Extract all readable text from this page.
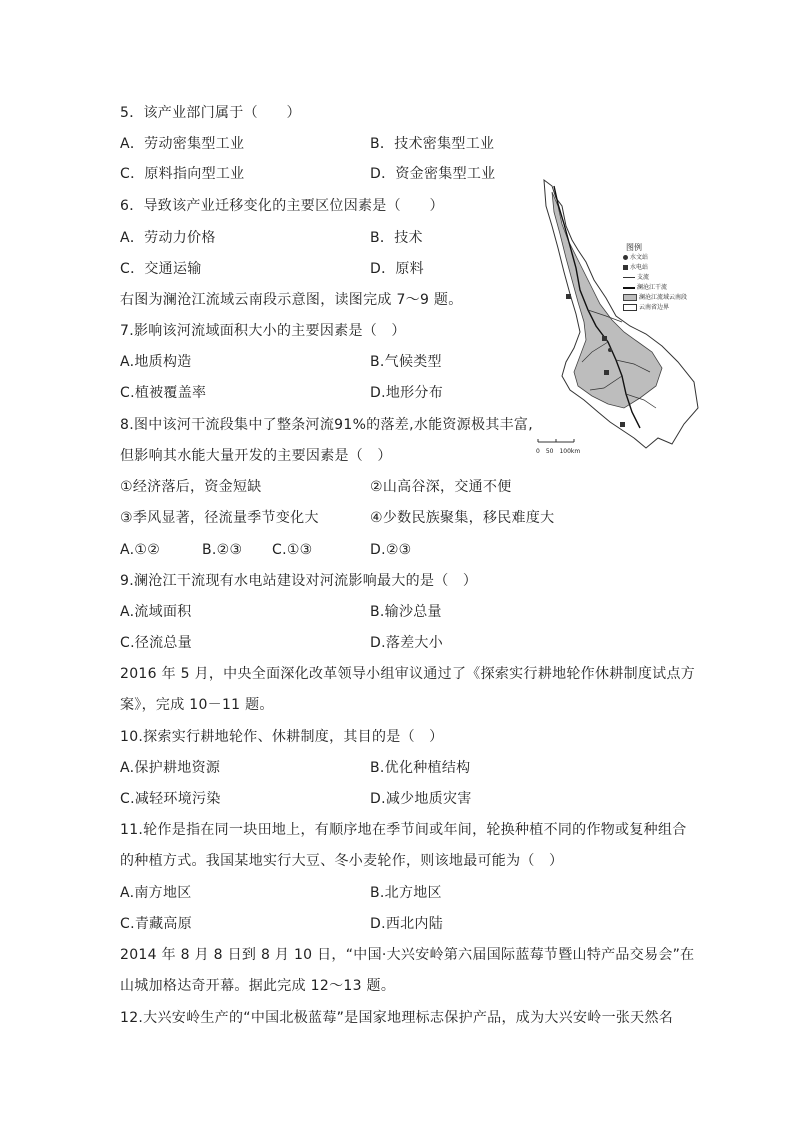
5．该产业部门属于（　　）
A．劳动密集型工业	B．技术密集型工业
C．原料指向型工业	D．资金密集型工业
6．导致该产业迁移变化的主要区位因素是（　　）
A．劳动力价格	B．技术
C．交通运输	D．原料
右图为澜沧江流域云南段示意图，读图完成 7～9 题。
7.影响该河流域面积大小的主要因素是（　）
A.地质构造	B.气候类型
C.植被覆盖率	D.地形分布
8.图中该河干流段集中了整条河流91%的落差,水能资源极其丰富,
但影响其水能大量开发的主要因素是（　）
①经济落后，资金短缺	②山高谷深，交通不便
③季风显著，径流量季节变化大	④少数民族聚集，移民难度大
A.①②	B.②③ C.①③	D.②③
9.澜沧江干流现有水电站建设对河流影响最大的是（　）
A.流域面积	B.输沙总量
C.径流总量	D.落差大小
2016 年 5 月，中央全面深化改革领导小组审议通过了《探索实行耕地轮作休耕制度试点方
案》，完成 10－11 题。
10.探索实行耕地轮作、休耕制度，其目的是（　）
A.保护耕地资源	B.优化种植结构
C.减轻环境污染	D.减少地质灾害
11.轮作是指在同一块田地上，有顺序地在季节间或年间，轮换种植不同的作物或复种组合
的种植方式。我国某地实行大豆、冬小麦轮作，则该地最可能为（　）
A.南方地区	B.北方地区
C.青藏高原	D.西北内陆
2014 年 8 月 8 日到 8 月 10 日，“中国·大兴安岭第六届国际蓝莓节暨山特产品交易会”在
山城加格达奇开幕。据此完成 12～13 题。
12.大兴安岭生产的“中国北极蓝莓”是国家地理标志保护产品，成为大兴安岭一张天然名
图例
水文站
水电站
支流
澜沧江干流
澜沧江流域云南段
云南省边界
0　50　100km
